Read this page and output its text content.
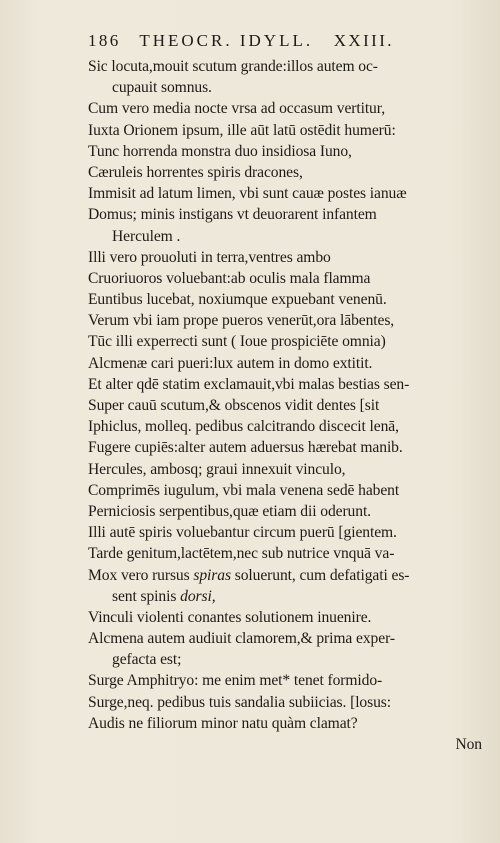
186 THEOCR. IDYLL. XXIII.
Sic locuta,mouit scutum grande:illos autem oc-
cupauit somnus.
Cum vero media nocte vrsa ad occasum vertitur,
Iuxta Orionem ipsum, ille aūt latū ostēdit humerū:
Tunc horrenda monstra duo insidiosa Iuno,
Cæruleis horrentes spiris dracones,
Immisit ad latum limen, vbi sunt cauæ postes ianuæ
Domus; minis instigans vt deuorarent infantem
Herculem .
Illi vero prouoluti in terra,ventres ambo
Cruoriuoros voluebant:ab oculis mala flamma
Euntibus lucebat, noxiumque expuebant venenū.
Verum vbi iam prope pueros venerūt,ora lābentes,
Tūc illi experrecti sunt ( Ioue prospiciēte omnia)
Alcmenæ cari pueri:lux autem in domo extitit.
Et alter qdē statim exclamauit,vbi malas bestias sen-
Super cauū scutum,& obscenos vidit dentes [sit
Iphiclus, molleq. pedibus calcitrando discecit lenā,
Fugere cupiēs:alter autem aduersus hærebat manib.
Hercules, ambosq; graui innexuit vinculo,
Comprimēs iugulum, vbi mala venena sedē habent
Perniciosis serpentibus,quæ etiam dii oderunt.
Illi autē spiris voluebantur circum puerū [gientem.
Tarde genitum,lactētem,nec sub nutrice vnquā va-
Mox vero rursus spiras soluerunt, cum defatigati es-
sent spinis dorsi,
Vinculi violenti conantes solutionem inuenire.
Alcmena autem audiuit clamorem,& prima exper-
gefacta est;
Surge Amphitryo: me enim met* tenet formido-
Surge,neq. pedibus tuis sandalia subiicias. [losus:
Audis ne filiorum minor natu quàm clamat?
Non
